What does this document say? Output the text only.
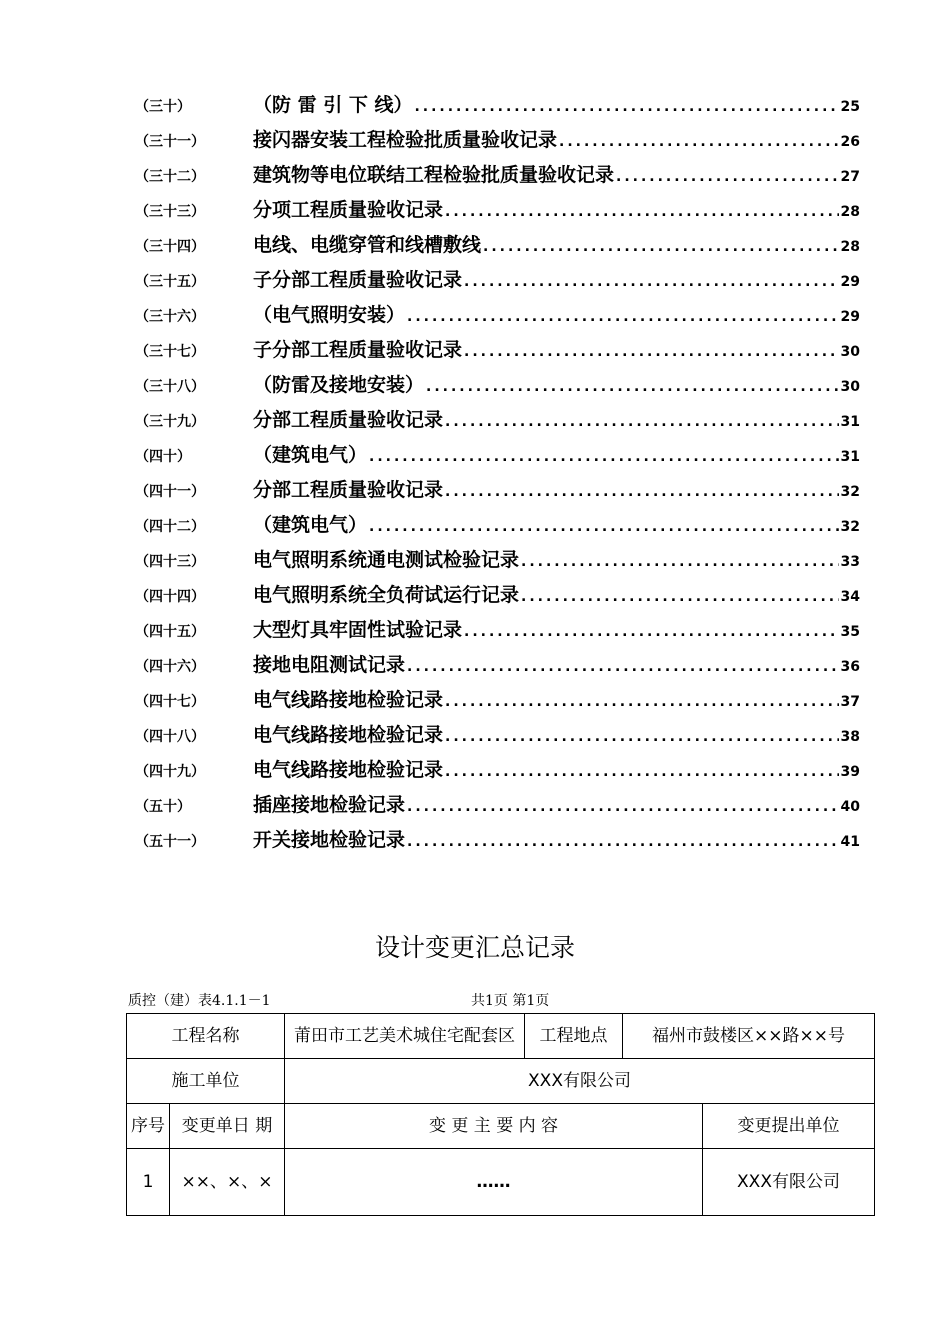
（三十）	（防 雷 引 下 线） .....	25
（三十一）	接闪器安装工程检验批质量验收记录 .....	26
（三十二）	建筑物等电位联结工程检验批质量验收记录 .....	27
（三十三）	分项工程质量验收记录 .....	28
（三十四）	电线、电缆穿管和线槽敷线 .....	28
（三十五）	子分部工程质量验收记录 .....	29
（三十六）	（电气照明安装） .....	29
（三十七）	子分部工程质量验收记录 .....	30
（三十八）	（防雷及接地安装） .....	30
（三十九）	分部工程质量验收记录 .....	31
（四十）	（建筑电气） .....	31
（四十一）	分部工程质量验收记录 .....	32
（四十二）	（建筑电气） .....	32
（四十三）	电气照明系统通电测试检验记录 .....	33
（四十四）	电气照明系统全负荷试运行记录 .....	34
（四十五）	大型灯具牢固性试验记录 .....	35
（四十六）	接地电阻测试记录 .....	36
（四十七）	电气线路接地检验记录 .....	37
（四十八）	电气线路接地检验记录 .....	38
（四十九）	电气线路接地检验记录 .....	39
（五十）	插座接地检验记录 .....	40
（五十一）	开关接地检验记录 .....	41
设计变更汇总记录
质控（建）表4.1.1－1	共1页 第1页
工程名称		莆田市工艺美术城住宅配套区	工程地点	福州市鼓楼区××路××号	
施工单位		XXX有限公司			
序号	变更单日 期	变 更 主 要 内 容			变更提出单位
1	××、×、×	……			XXX有限公司
